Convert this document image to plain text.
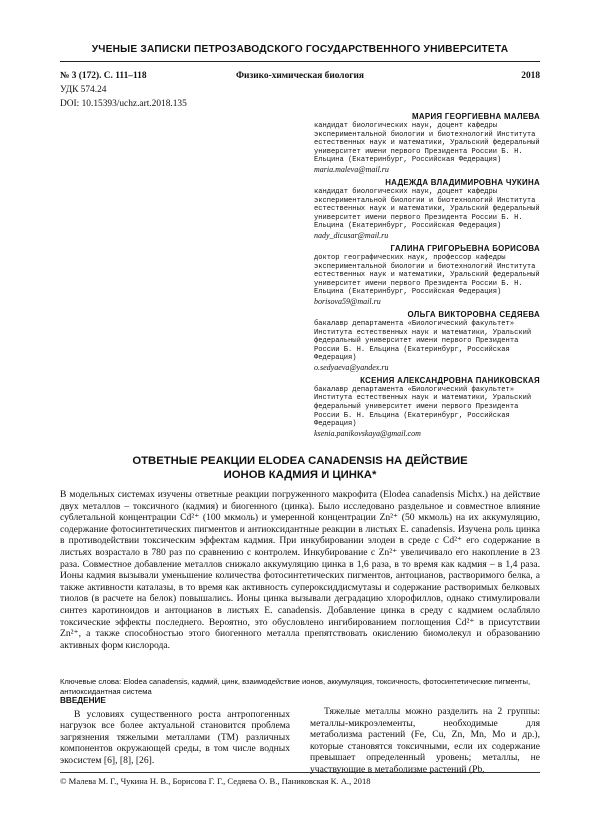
УЧЕНЫЕ ЗАПИСКИ ПЕТРОЗАВОДСКОГО ГОСУДАРСТВЕННОГО УНИВЕРСИТЕТА
№ 3 (172). С. 111–118	Физико-химическая биология	2018
УДК 574.24
DOI: 10.15393/uchz.art.2018.135
МАРИЯ ГЕОРГИЕВНА МАЛЕВА
кандидат биологических наук, доцент кафедры экспериментальной биологии и биотехнологий Института естественных наук и математики, Уральский федеральный университет имени первого Президента России Б. Н. Ельцина (Екатеринбург, Российская Федерация)
maria.maleva@mail.ru
НАДЕЖДА ВЛАДИМИРОВНА ЧУКИНА
кандидат биологических наук, доцент кафедры экспериментальной биологии и биотехнологий Института естественных наук и математики, Уральский федеральный университет имени первого Президента России Б. Н. Ельцина (Екатеринбург, Российская Федерация)
nady_dicusar@mail.ru
ГАЛИНА ГРИГОРЬЕВНА БОРИСОВА
доктор географических наук, профессор кафедры экспериментальной биологии и биотехнологий Института естественных наук и математики, Уральский федеральный университет имени первого Президента России Б. Н. Ельцина (Екатеринбург, Российская Федерация)
borisova59@mail.ru
ОЛЬГА ВИКТОРОВНА СЕДЯЕВА
бакалавр департамента «Биологический факультет» Института естественных наук и математики, Уральский федеральный университет имени первого Президента России Б. Н. Ельцина (Екатеринбург, Российская Федерация)
o.sedyaeva@yandex.ru
КСЕНИЯ АЛЕКСАНДРОВНА ПАНИКОВСКАЯ
бакалавр департамента «Биологический факультет» Института естественных наук и математики, Уральский федеральный университет имени первого Президента России Б. Н. Ельцина (Екатеринбург, Российская Федерация)
ksenia.panikovskaya@gmail.com
ОТВЕТНЫЕ РЕАКЦИИ ELODEA CANADENSIS НА ДЕЙСТВИЕ
ИОНОВ КАДМИЯ И ЦИНКА*
В модельных системах изучены ответные реакции погруженного макрофита (Elodea canadensis Michx.) на действие двух металлов – токсичного (кадмия) и биогенного (цинка). Было исследовано раздельное и совместное влияние сублетальной концентрации Cd²⁺ (100 мкмоль) и умеренной концентрации Zn²⁺ (50 мкмоль) на их аккумуляцию, содержание фотосинтетических пигментов и антиоксидантные реакции в листьях E. canadensis. Изучена роль цинка в противодействии токсическим эффектам кадмия. При инкубировании элодеи в среде с Cd²⁺ его содержание в листьях возрастало в 780 раз по сравнению с контролем. Инкубирование с Zn²⁺ увеличивало его накопление в 23 раза. Совместное добавление металлов снижало аккумуляцию цинка в 1,6 раза, в то время как кадмия – в 1,4 раза. Ионы кадмия вызывали уменьшение количества фотосинтетических пигментов, антоцианов, растворимого белка, а также активности каталазы, в то время как активность супероксиддисмутазы и содержание растворимых белковых тиолов (в расчете на белок) повышались. Ионы цинка вызывали деградацию хлорофиллов, однако стимулировали синтез каротиноидов и антоцианов в листьях E. canadensis. Добавление цинка в среду с кадмием ослабляло токсические эффекты последнего. Вероятно, это обусловлено ингибированием поглощения Cd²⁺ в присутствии Zn²⁺, а также способностью этого биогенного металла препятствовать окислению биомолекул и образованию активных форм кислорода.
Ключевые слова: Elodea canadensis, кадмий, цинк, взаимодействие ионов, аккумуляция, токсичность, фотосинтетические пигменты, антиоксидантная система
ВВЕДЕНИЕ
В условиях существенного роста антропогенных нагрузок все более актуальной становится проблема загрязнения тяжелыми металлами (ТМ) различных компонентов окружающей среды, в том числе водных экосистем [6], [8], [26].
Тяжелые металлы можно разделить на 2 группы: металлы-микроэлементы, необходимые для метаболизма растений (Fe, Cu, Zn, Mn, Mo и др.), которые становятся токсичными, если их содержание превышает определенный уровень; металлы, не участвующие в метаболизме растений (Pb,
© Малева М. Г., Чукина Н. В., Борисова Г. Г., Седяева О. В., Паниковская К. А., 2018
